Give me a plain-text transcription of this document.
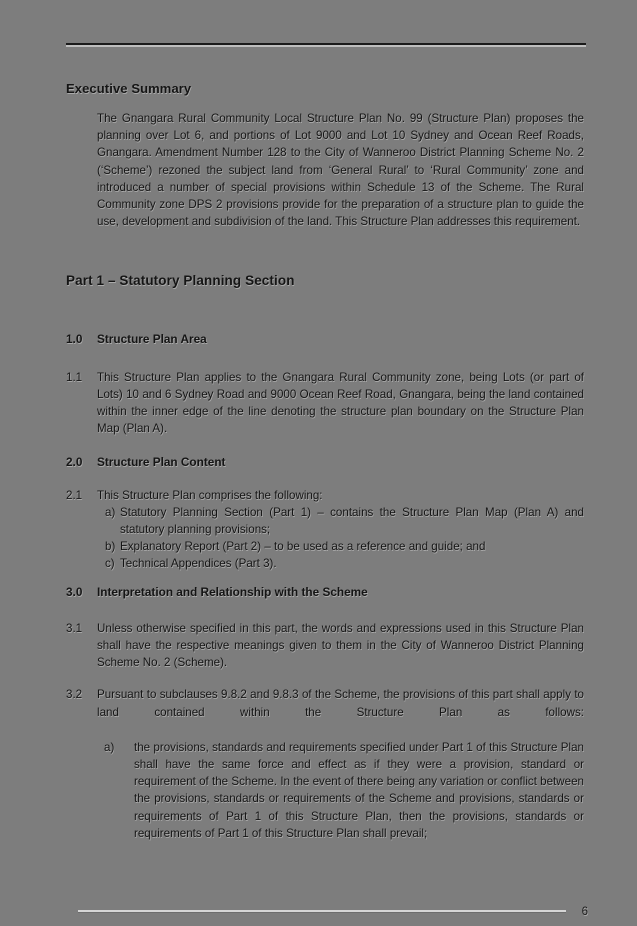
Executive Summary

The Gnangara Rural Community Local Structure Plan No. 99 (Structure Plan) proposes the planning over Lot 6, and portions of Lot 9000 and Lot 10 Sydney and Ocean Reef Roads, Gnangara. Amendment Number 128 to the City of Wanneroo District Planning Scheme No. 2 (‘Scheme’) rezoned the subject land from ‘General Rural’ to ‘Rural Community’ zone and introduced a number of special provisions within Schedule 13 of the Scheme. The Rural Community zone DPS 2 provisions provide for the preparation of a structure plan to guide the use, development and subdivision of the land. This Structure Plan addresses this requirement.

Part 1 – Statutory Planning Section
1.0	Structure Plan Area
1.1	This Structure Plan applies to the Gnangara Rural Community zone, being Lots (or part of Lots) 10 and 6 Sydney Road and 9000 Ocean Reef Road, Gnangara, being the land contained within the inner edge of the line denoting the structure plan boundary on the Structure Plan Map (Plan A).
2.0	Structure Plan Content
2.1	This Structure Plan comprises the following:
a) Statutory Planning Section (Part 1) – contains the Structure Plan Map (Plan A) and statutory planning provisions;
b) Explanatory Report (Part 2) – to be used as a reference and guide; and
c) Technical Appendices (Part 3).
3.0	Interpretation and Relationship with the Scheme
3.1	Unless otherwise specified in this part, the words and expressions used in this Structure Plan shall have the respective meanings given to them in the City of Wanneroo District Planning Scheme No. 2 (Scheme).
3.2	Pursuant to subclauses 9.8.2 and 9.8.3 of the Scheme, the provisions of this part shall apply to land contained within the Structure Plan as follows:
a)	the provisions, standards and requirements specified under Part 1 of this Structure Plan shall have the same force and effect as if they were a provision, standard or requirement of the Scheme. In the event of there being any variation or conflict between the provisions, standards or requirements of the Scheme and provisions, standards or requirements of Part 1 of this Structure Plan, then the provisions, standards or requirements of Part 1 of this Structure Plan shall prevail;
6
